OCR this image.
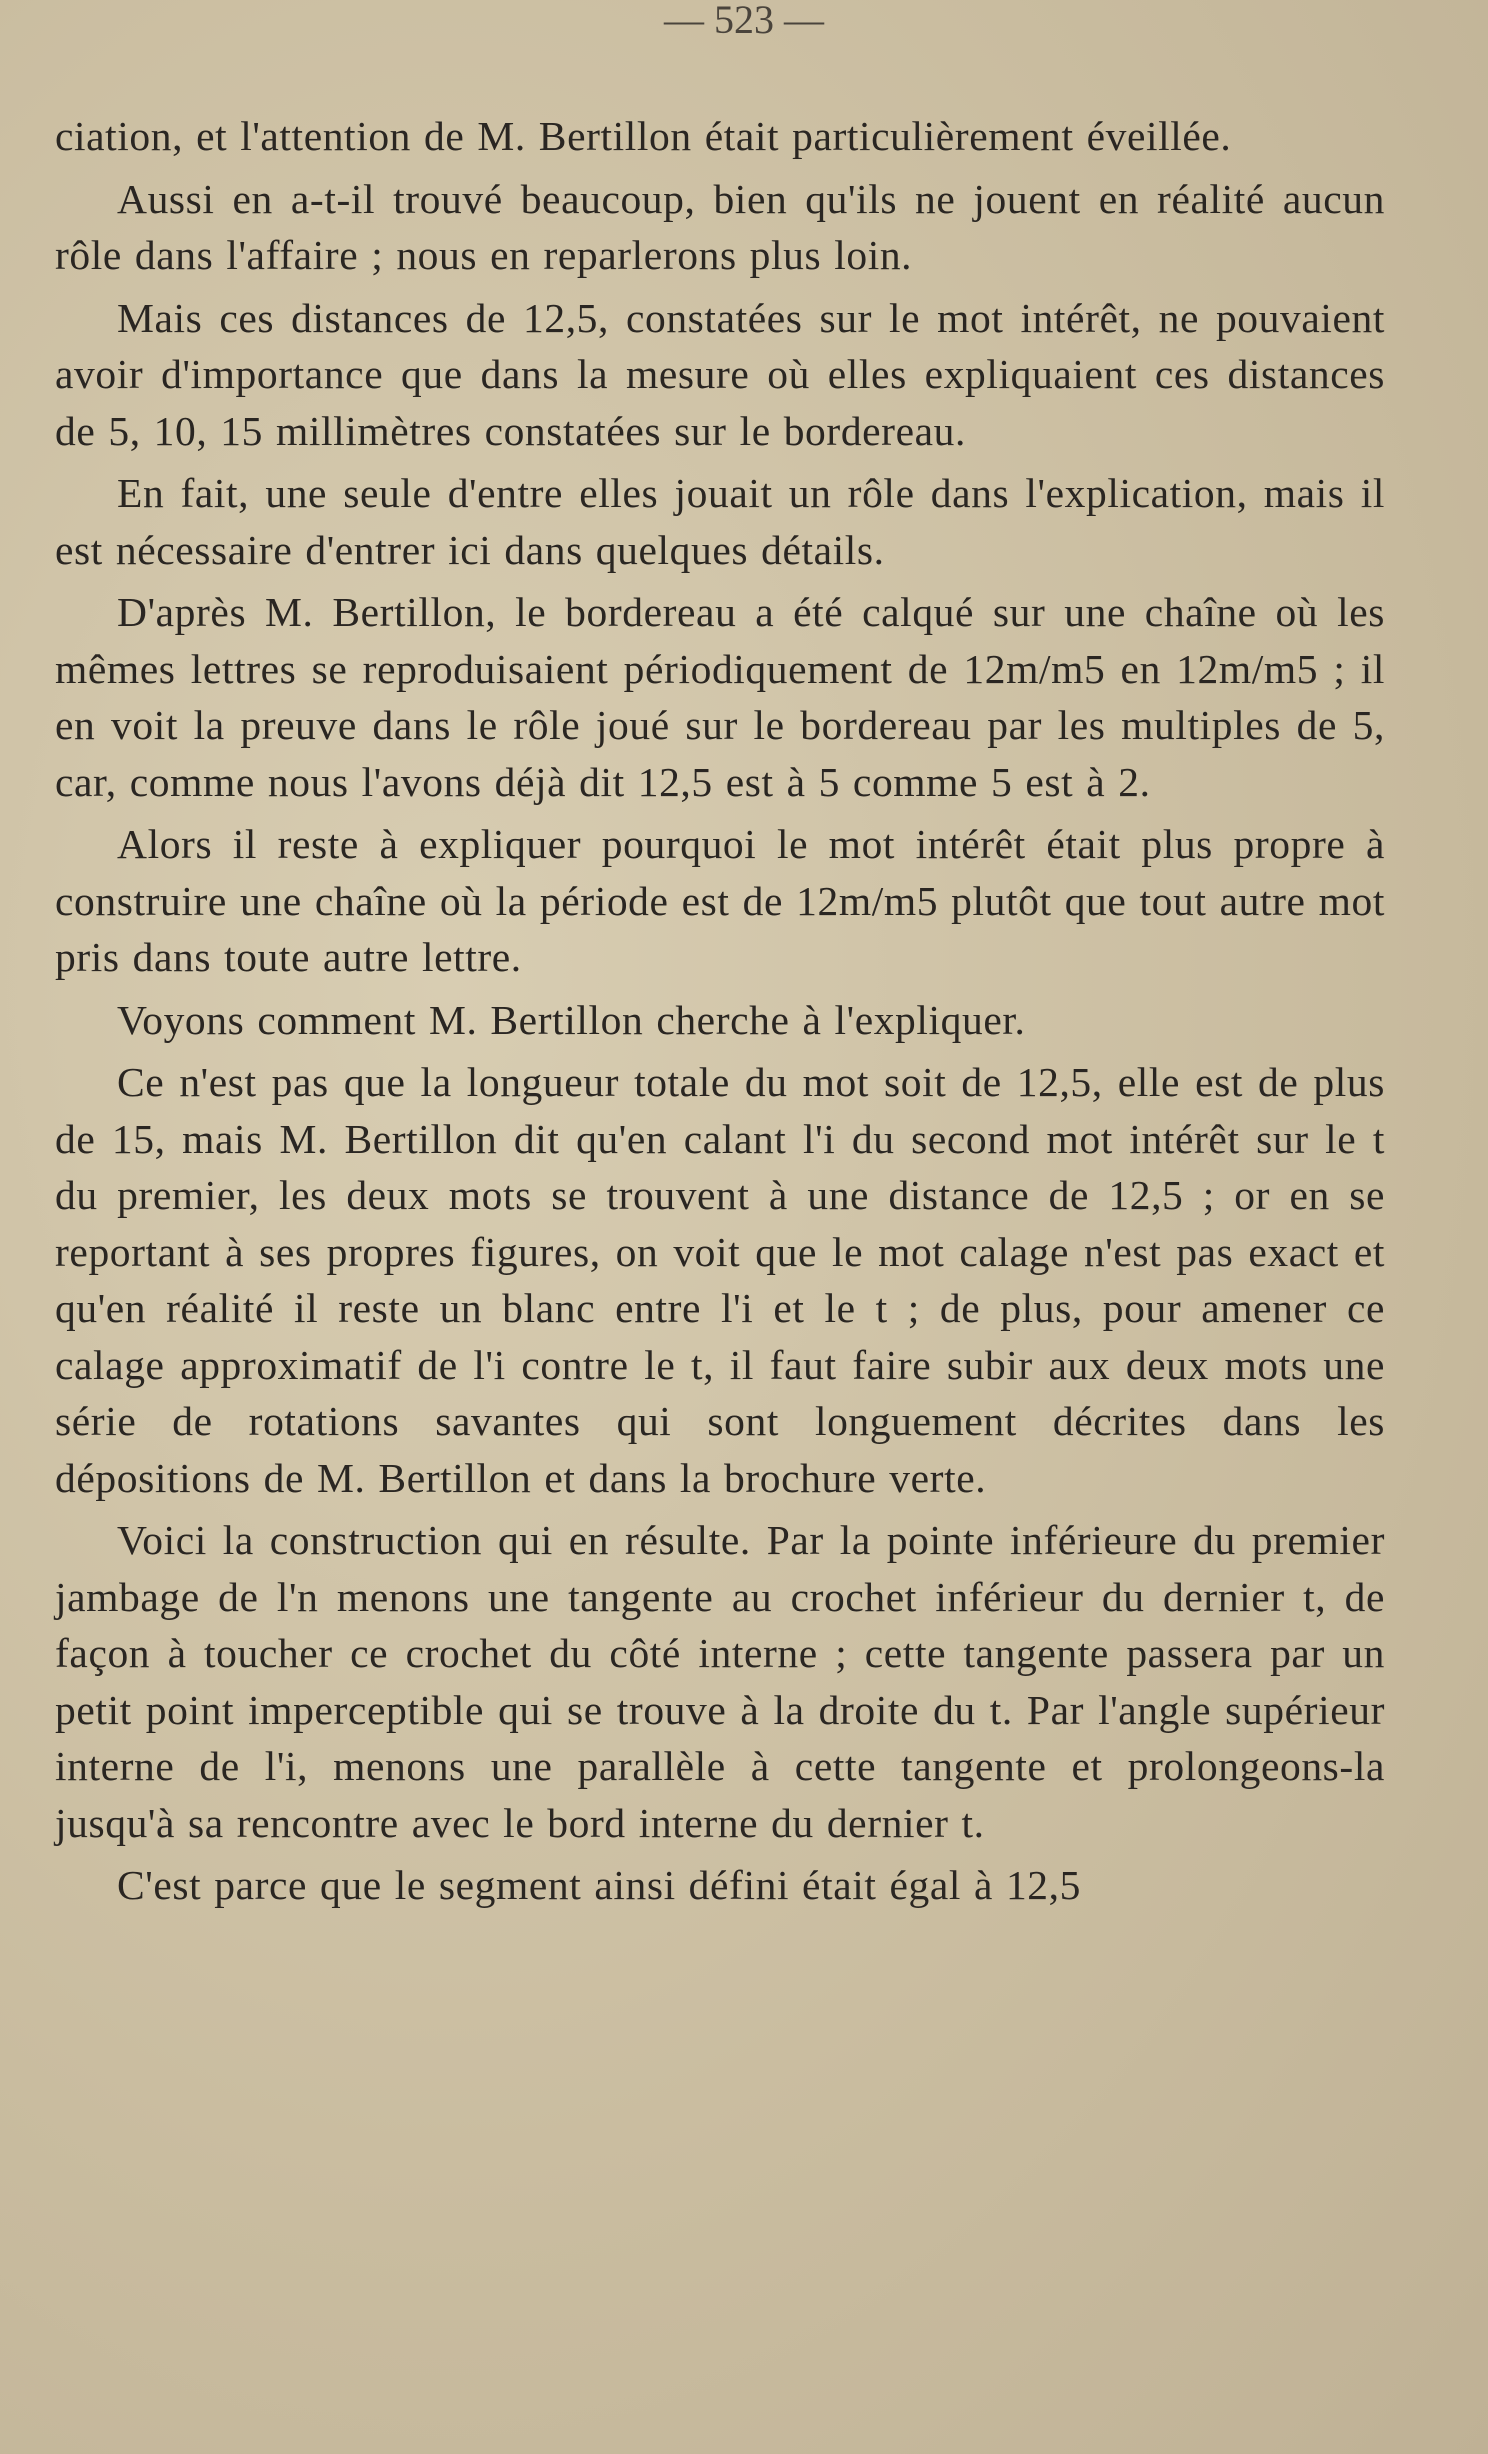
— 523 —

ciation, et l'attention de M. Bertillon était particulièrement éveillée.

Aussi en a-t-il trouvé beaucoup, bien qu'ils ne jouent en réalité aucun rôle dans l'affaire ; nous en reparlerons plus loin.

Mais ces distances de 12,5, constatées sur le mot intérêt, ne pouvaient avoir d'importance que dans la mesure où elles expliquaient ces distances de 5, 10, 15 millimètres constatées sur le bordereau.

En fait, une seule d'entre elles jouait un rôle dans l'explication, mais il est nécessaire d'entrer ici dans quelques détails.

D'après M. Bertillon, le bordereau a été calqué sur une chaîne où les mêmes lettres se reproduisaient périodiquement de 12m/m5 en 12m/m5 ; il en voit la preuve dans le rôle joué sur le bordereau par les multiples de 5, car, comme nous l'avons déjà dit 12,5 est à 5 comme 5 est à 2.

Alors il reste à expliquer pourquoi le mot intérêt était plus propre à construire une chaîne où la période est de 12m/m5 plutôt que tout autre mot pris dans toute autre lettre.

Voyons comment M. Bertillon cherche à l'expliquer.

Ce n'est pas que la longueur totale du mot soit de 12,5, elle est de plus de 15, mais M. Bertillon dit qu'en calant l'i du second mot intérêt sur le t du premier, les deux mots se trouvent à une distance de 12,5 ; or en se reportant à ses propres figures, on voit que le mot calage n'est pas exact et qu'en réalité il reste un blanc entre l'i et le t ; de plus, pour amener ce calage approximatif de l'i contre le t, il faut faire subir aux deux mots une série de rotations savantes qui sont longuement décrites dans les dépositions de M. Bertillon et dans la brochure verte.

Voici la construction qui en résulte. Par la pointe inférieure du premier jambage de l'n menons une tangente au crochet inférieur du dernier t, de façon à toucher ce crochet du côté interne ; cette tangente passera par un petit point imperceptible qui se trouve à la droite du t. Par l'angle supérieur interne de l'i, menons une parallèle à cette tangente et prolongeons-la jusqu'à sa rencontre avec le bord interne du dernier t.

C'est parce que le segment ainsi défini était égal à 12,5
